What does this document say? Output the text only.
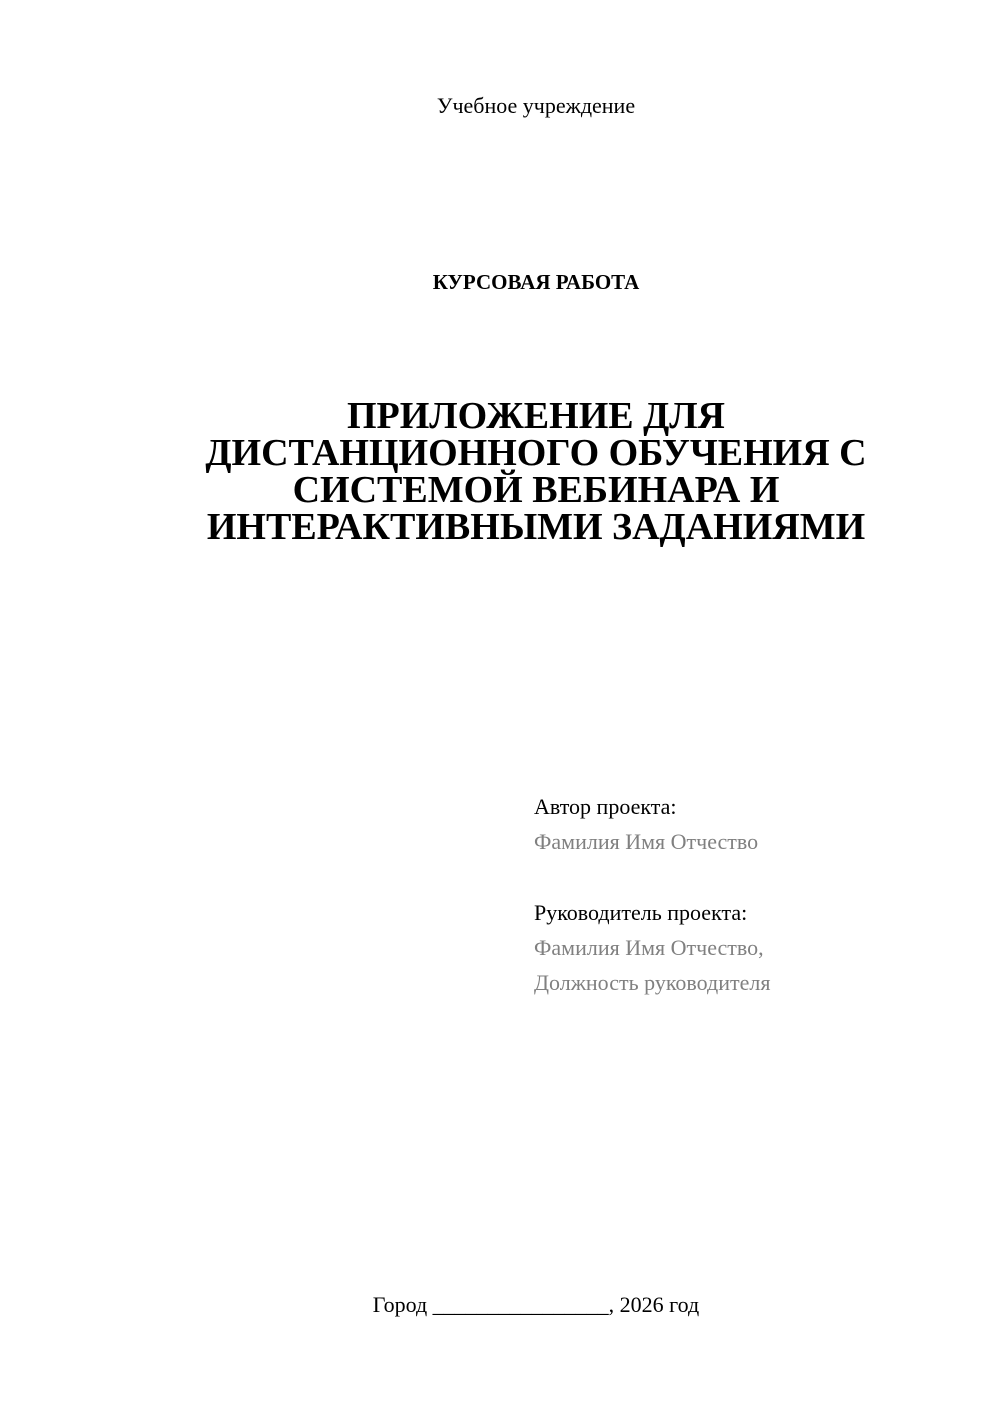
Учебное учреждение
КУРСОВАЯ РАБОТА
ПРИЛОЖЕНИЕ ДЛЯ
ДИСТАНЦИОННОГО ОБУЧЕНИЯ С
СИСТЕМОЙ ВЕБИНАРА И
ИНТЕРАКТИВНЫМИ ЗАДАНИЯМИ
Автор проекта:
Фамилия Имя Отчество
Руководитель проекта:
Фамилия Имя Отчество,
Должность руководителя
Город ________________, 2026 год
